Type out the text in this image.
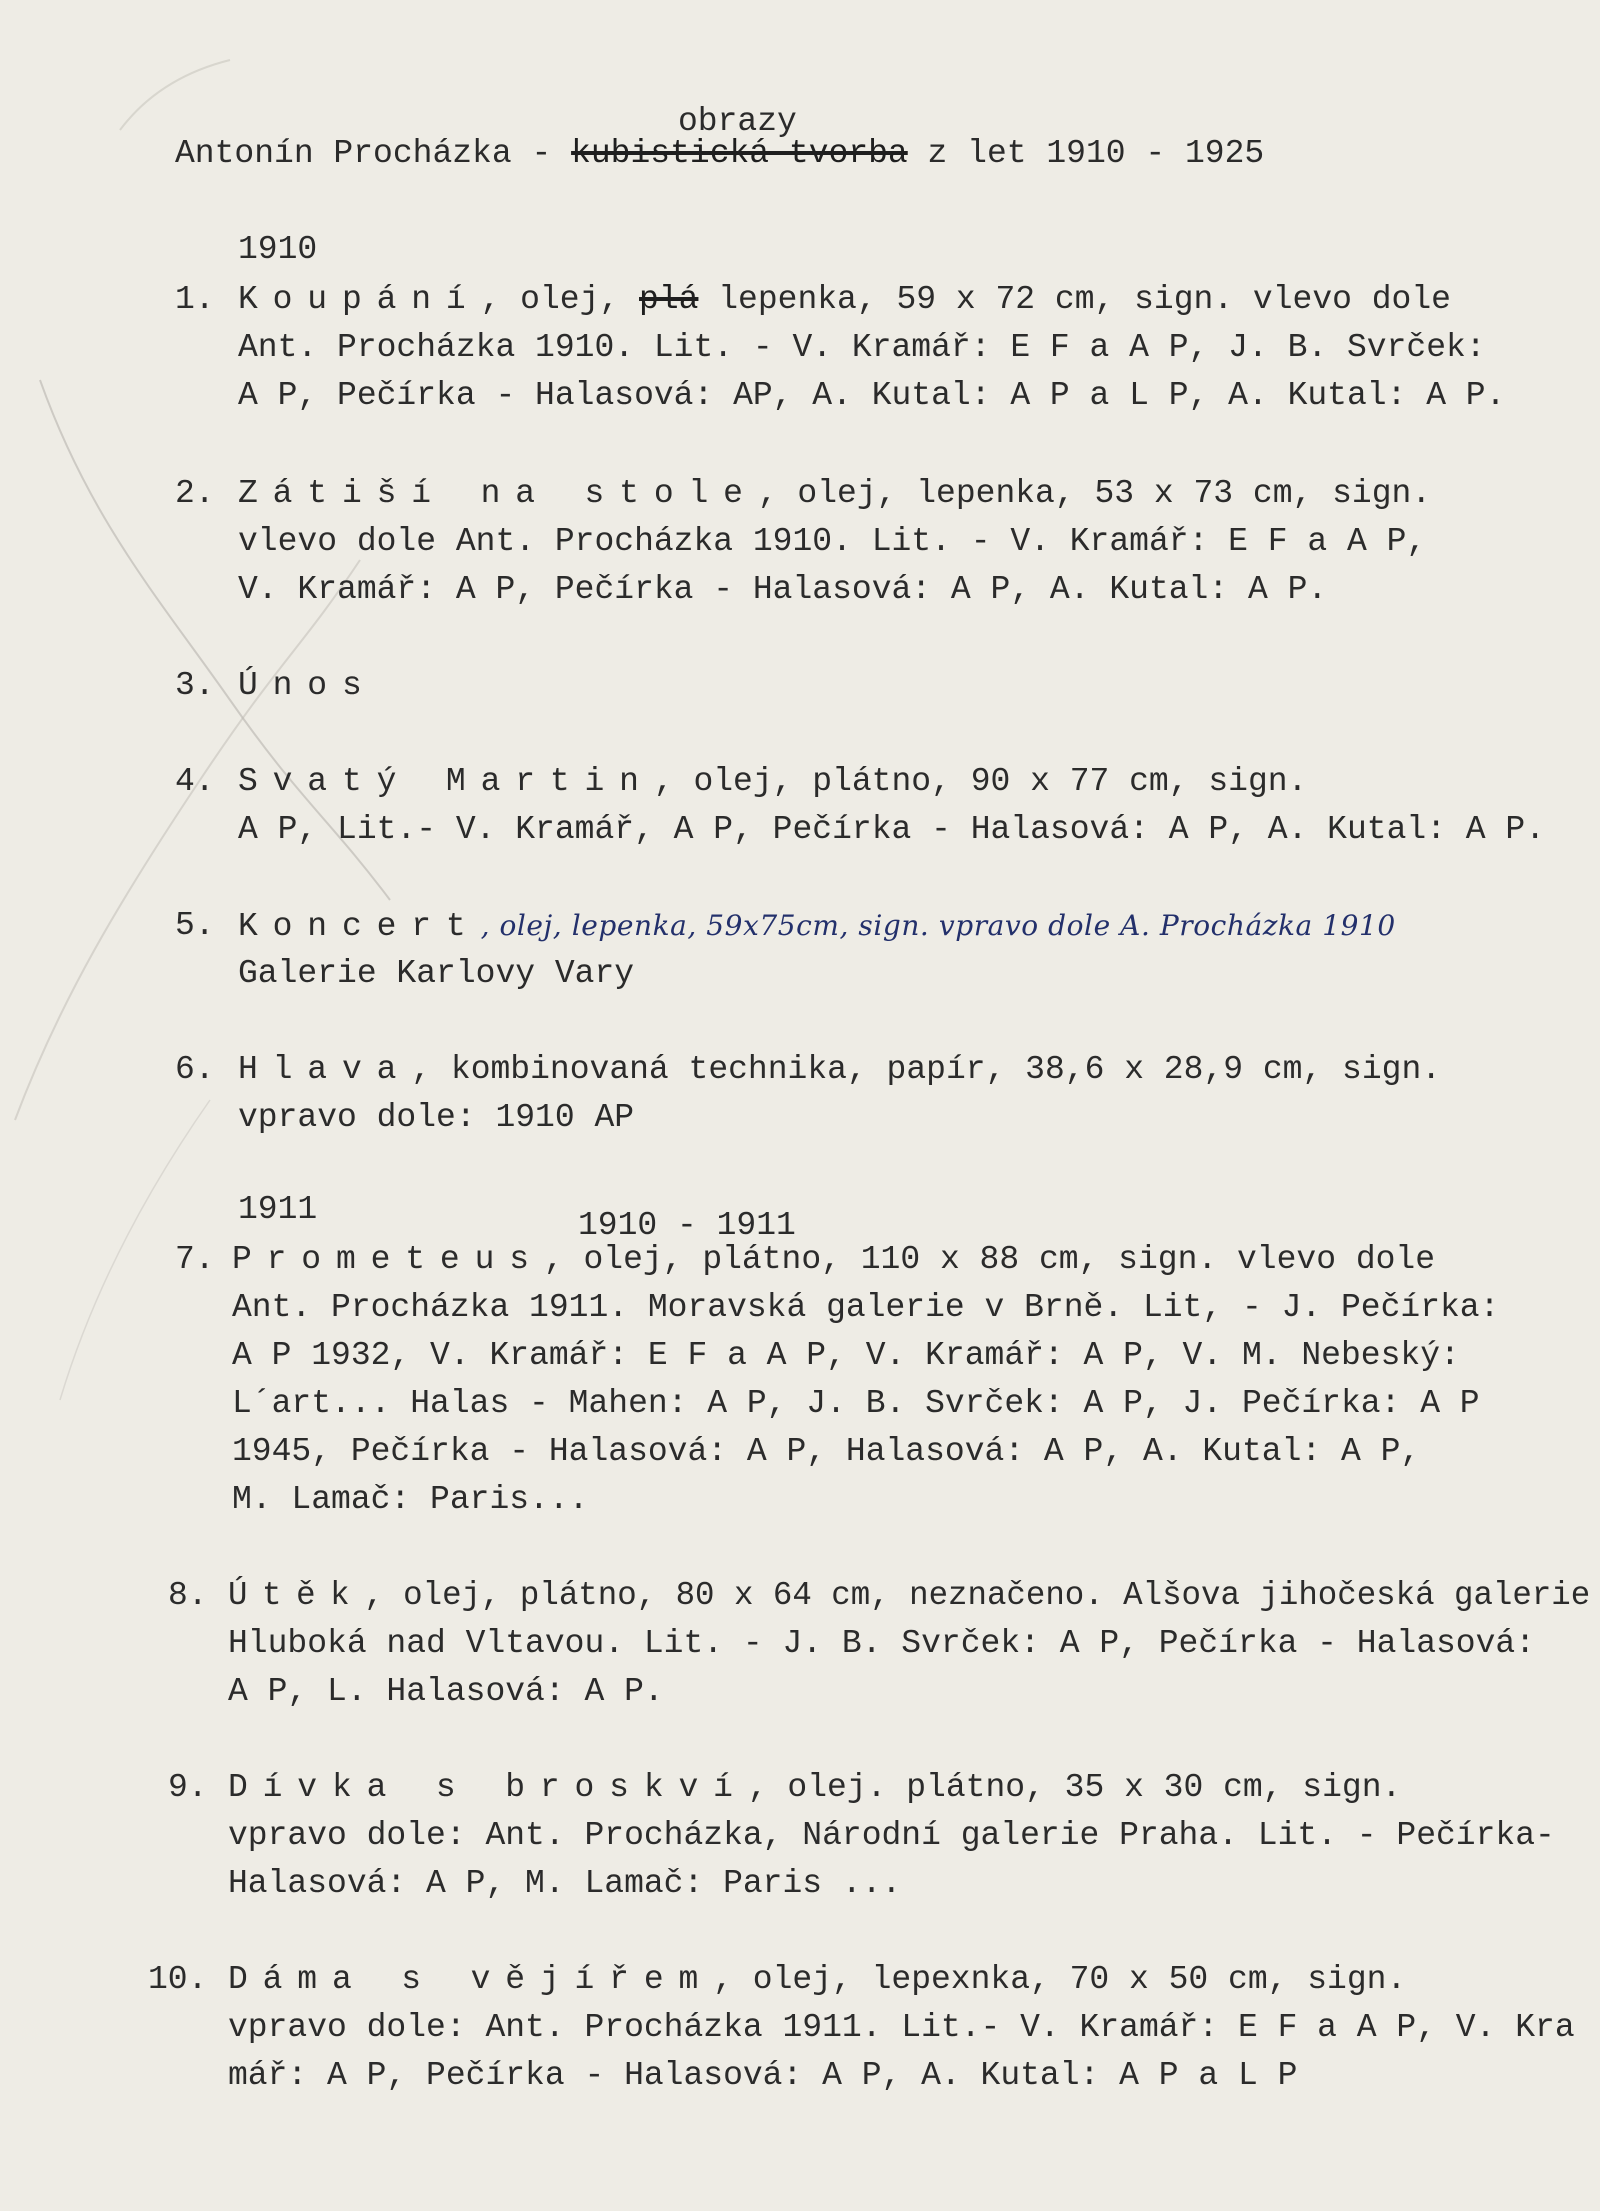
obrazy
Antonín Procházka - kubistická tvorba z let 1910 - 1925
1910
1. Koupání, olej, plá lepenka, 59 x 72 cm, sign. vlevo dole
Ant. Procházka 1910. Lit. - V. Kramář: E F a A P, J. B. Svrček:
A P, Pečírka - Halasová: AP, A. Kutal: A P a L P, A. Kutal: A P.
2. Zátiší na stole, olej, lepenka, 53 x 73 cm, sign.
vlevo dole Ant. Procházka 1910. Lit. - V. Kramář: E F a A P,
V. Kramář: A P, Pečírka - Halasová: A P, A. Kutal: A P.
3. Únos
4. Svatý Martin, olej, plátno, 90 x 77 cm, sign.
A P, Lit.- V. Kramář, A P, Pečírka - Halasová: A P, A. Kutal: A P.
5. Koncert, olej, lepenka, 59x75cm, sign. vpravo dole A. Procházka 1910
Galerie Karlovy Vary
6. Hlava, kombinovaná technika, papír, 38,6 x 28,9 cm, sign.
vpravo dole: 1910 AP
1911	1910 - 1911
7. Prometeus, olej, plátno, 110 x 88 cm, sign. vlevo dole
Ant. Procházka 1911. Moravská galerie v Brně. Lit, - J. Pečírka:
A P 1932, V. Kramář: E F a A P, V. Kramář: A P, V. M. Nebeský:
L´art... Halas - Mahen: A P, J. B. Svrček: A P, J. Pečírka: A P
1945, Pečírka - Halasová: A P, Halasová: A P, A. Kutal: A P,
M. Lamač: Paris...
8. Útěk, olej, plátno, 80 x 64 cm, neznačeno. Alšova jihočeská galerie
Hluboká nad Vltavou. Lit. - J. B. Svrček: A P, Pečírka - Halasová:
A P, L. Halasová: A P.
9. Dívka s broskví, olej. plátno, 35 x 30 cm, sign.
vpravo dole: Ant. Procházka, Národní galerie Praha. Lit. - Pečírka-
Halasová: A P, M. Lamač: Paris ...
10. Dáma s vějířem, olej, lepexnka, 70 x 50 cm, sign.
vpravo dole: Ant. Procházka 1911. Lit.- V. Kramář: E F a A P, V. Kra
mář: A P, Pečírka - Halasová: A P, A. Kutal: A P a L P
